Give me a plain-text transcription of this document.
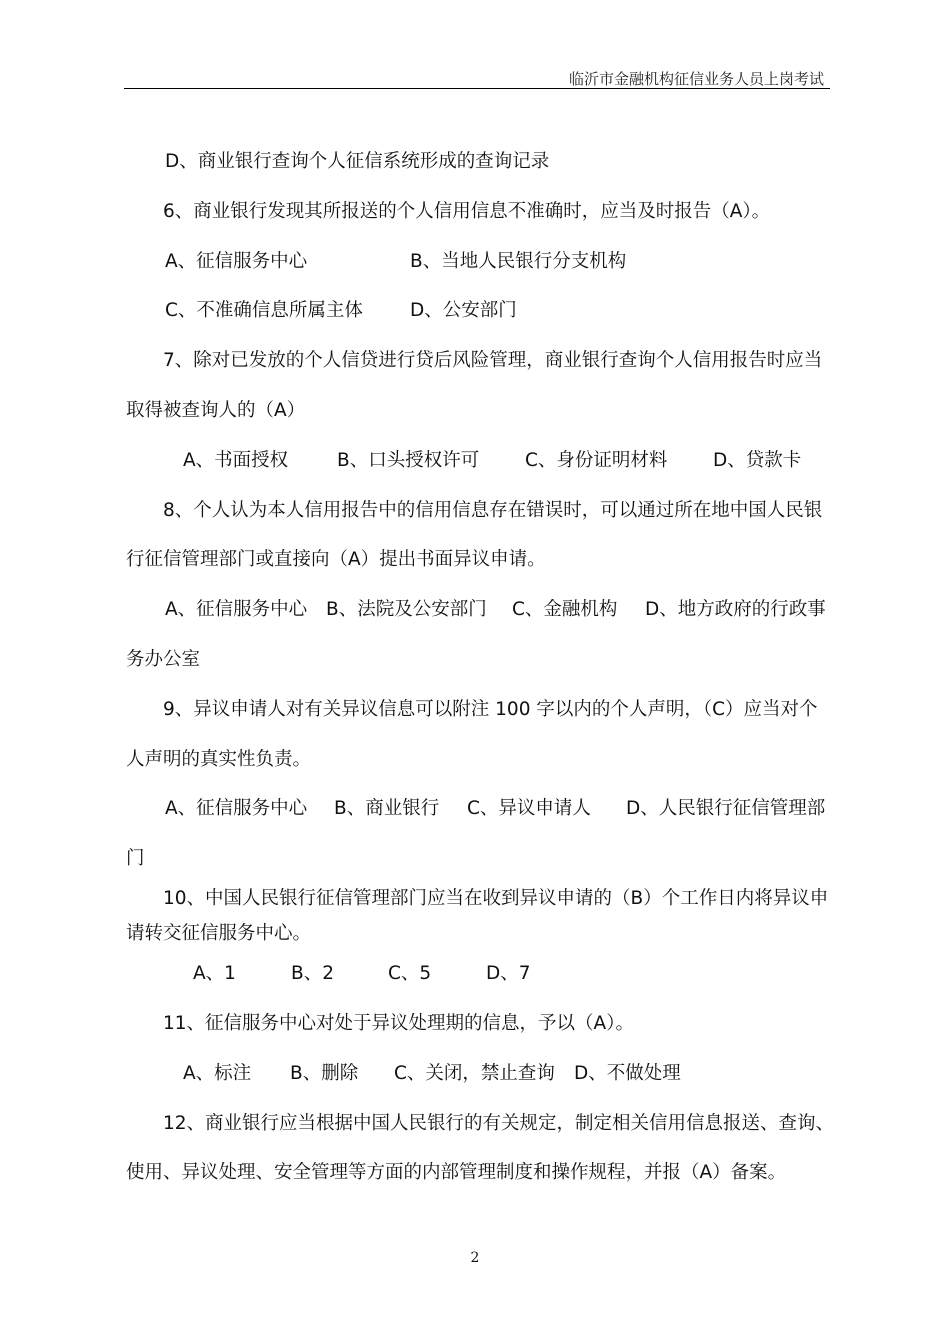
临沂市金融机构征信业务人员上岗考试
D、商业银行查询个人征信系统形成的查询记录
6、商业银行发现其所报送的个人信用信息不准确时，应当及时报告（A）。
A、征信服务中心	B、当地人民银行分支机构
C、不准确信息所属主体	D、公安部门
7、除对已发放的个人信贷进行贷后风险管理，商业银行查询个人信用报告时应当
取得被查询人的（A）
A、书面授权	B、口头授权许可 C、身份证明材料 D、贷款卡
8、个人认为本人信用报告中的信用信息存在错误时，可以通过所在地中国人民银
行征信管理部门或直接向（A）提出书面异议申请。
A、征信服务中心 B、法院及公安部门 C、金融机构 D、地方政府的行政事
务办公室
9、异议申请人对有关异议信息可以附注 100 字以内的个人声明，（C）应当对个
人声明的真实性负责。
A、征信服务中心 B、商业银行 C、异议申请人 D、人民银行征信管理部
门
10、中国人民银行征信管理部门应当在收到异议申请的（B）个工作日内将异议申
请转交征信服务中心。
A、1	B、2	C、5	D、7
11、征信服务中心对处于异议处理期的信息，予以（A）。
A、标注 B、删除 C、关闭，禁止查询 D、不做处理
12、商业银行应当根据中国人民银行的有关规定，制定相关信用信息报送、查询、
使用、异议处理、安全管理等方面的内部管理制度和操作规程，并报（A）备案。
2
